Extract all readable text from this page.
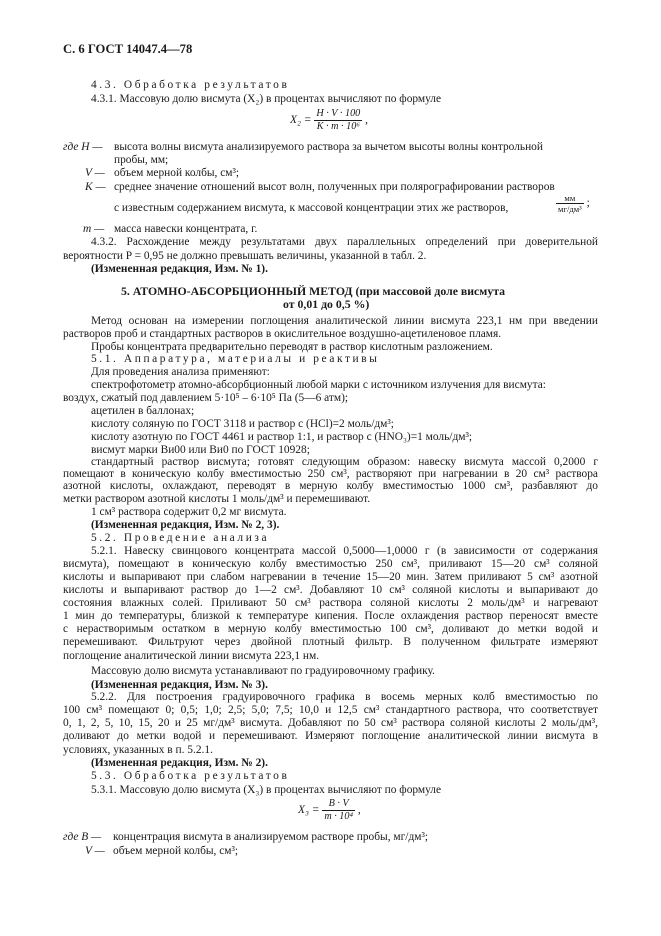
С. 6 ГОСТ 14047.4—78
4.3. Обработка результатов
4.3.1. Массовую долю висмута (X₂) в процентах вычисляют по формуле
$X_2 = \frac{H \cdot V \cdot 100}{\text{K · m · 10⁶}}$ ,
где H — высота волны висмута анализируемого раствора за вычетом высоты волны контрольной
пробы, мм;
V — объем мерной колбы, см³;
K — среднее значение отношений высот волн, полученных при полярографировании растворов
с известным содержанием висмута, к массовой концентрации этих же растворов,	$\frac{мм}{\text{мг/дм³}}$ ;
m — масса навески концентрата, г.
4.3.2. Расхождение между результатами двух параллельных определений при доверительной
вероятности P = 0,95 не должно превышать величины, указанной в табл. 2.
(Измененная редакция, Изм. № 1).
5. АТОМНО-АБСОРБЦИОННЫЙ МЕТОД (при массовой доле висмута
от 0,01 до 0,5 %)
Метод основан на измерении поглощения аналитической линии висмута 223,1 нм при введении
растворов проб и стандартных растворов в окислительное воздушно-ацетиленовое пламя.
Пробы концентрата предварительно переводят в раствор кислотным разложением.
5.1. Аппаратура, материалы и реактивы
Для проведения анализа применяют:
спектрофотометр атомно-абсорбционный любой марки с источником излучения для висмута:
воздух, сжатый под давлением 5·10⁵ – 6·10⁵ Па (5—6 атм);
ацетилен в баллонах;
кислоту соляную по ГОСТ 3118 и раствор с (HCl)=2 моль/дм³;
кислоту азотную по ГОСТ 4461 и раствор 1:1, и раствор с (HNO₃)=1 моль/дм³;
висмут марки Ви00 или Ви0 по ГОСТ 10928;
стандартный раствор висмута; готовят следующим образом: навеску висмута массой 0,2000 г
помещают в коническую колбу вместимостью 250 см³, растворяют при нагревании в 20 см³ раствора
азотной кислоты, охлаждают, переводят в мерную колбу вместимостью 1000 см³, разбавляют до
метки раствором азотной кислоты 1 моль/дм³ и перемешивают.
1 см³ раствора содержит 0,2 мг висмута.
(Измененная редакция, Изм. № 2, 3).
5.2. Проведение анализа
5.2.1. Навеску свинцового концентрата массой 0,5000—1,0000 г (в зависимости от содержания
висмута), помещают в коническую колбу вместимостью 250 см³, приливают 15—20 см³ соляной
кислоты и выпаривают при слабом нагревании в течение 15—20 мин. Затем приливают 5 см³ азотной
кислоты и выпаривают раствор до 1—2 см³. Добавляют 10 см³ соляной кислоты и выпаривают до
состояния влажных солей. Приливают 50 см³ раствора соляной кислоты 2 моль/дм³ и нагревают
1 мин до температуры, близкой к температуре кипения. После охлаждения раствор переносят вместе
с нерастворимым остатком в мерную колбу вместимостью 100 см³, доливают до метки водой и
перемешивают. Фильтруют через двойной плотный фильтр. В полученном фильтрате измеряют
поглощение аналитической линии висмута 223,1 нм.
Массовую долю висмута устанавливают по градуировочному графику.
(Измененная редакция, Изм. № 3).
5.2.2. Для построения градуировочного графика в восемь мерных колб вместимостью по
100 см³ помещают 0; 0,5; 1,0; 2,5; 5,0; 7,5; 10,0 и 12,5 см³ стандартного раствора, что соответствует
0, 1, 2, 5, 10, 15, 20 и 25 мг/дм³ висмута. Добавляют по 50 см³ раствора соляной кислоты 2 моль/дм³,
доливают до метки водой и перемешивают. Измеряют поглощение аналитической линии висмута в
условиях, указанных в п. 5.2.1.
(Измененная редакция, Изм. № 2).
5.3. Обработка результатов
5.3.1. Массовую долю висмута (X₃) в процентах вычисляют по формуле
$X_3 = \frac{B \cdot V}{\text{m · 10⁴}}$ ,
где B — концентрация висмута в анализируемом растворе пробы, мг/дм³;
V — объем мерной колбы, см³;
